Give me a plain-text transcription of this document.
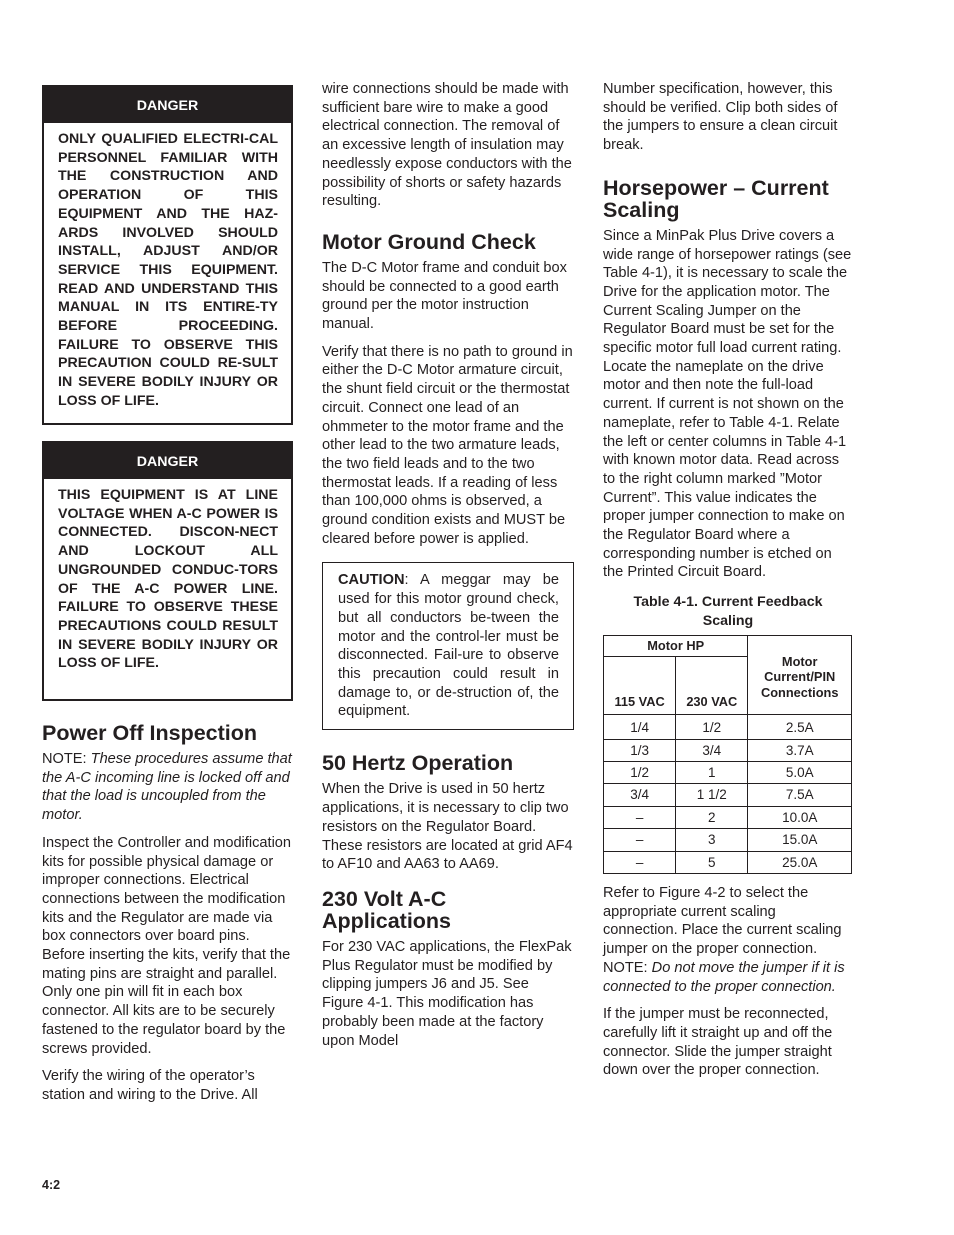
DANGER
ONLY QUALIFIED ELECTRI-CAL PERSONNEL FAMILIAR WITH THE CONSTRUCTION AND OPERATION OF THIS EQUIPMENT AND THE HAZ-ARDS INVOLVED SHOULD INSTALL, ADJUST AND/OR SERVICE THIS EQUIPMENT. READ AND UNDERSTAND THIS MANUAL IN ITS ENTIRE-TY BEFORE PROCEEDING. FAILURE TO OBSERVE THIS PRECAUTION COULD RE-SULT IN SEVERE BODILY INJURY OR LOSS OF LIFE.
DANGER
THIS EQUIPMENT IS AT LINE VOLTAGE WHEN A-C POWER IS CONNECTED. DISCON-NECT AND LOCKOUT ALL UNGROUNDED CONDUC-TORS OF THE A-C POWER LINE. FAILURE TO OBSERVE THESE PRECAUTIONS COULD RESULT IN SEVERE BODILY INJURY OR LOSS OF LIFE.
Power Off Inspection

NOTE: These procedures assume that the A-C incoming line is locked off and that the load is uncoupled from the motor.

Inspect the Controller and modification kits for possible physical damage or improper connections. Electrical connections between the modification kits and the Regulator are made via box connectors over board pins. Before inserting the kits, verify that the mating pins are straight and parallel. Only one pin will fit in each box connector. All kits are to be securely fastened to the regulator board by the screws provided.

Verify the wiring of the operator’s station and wiring to the Drive. All

wire connections should be made with sufficient bare wire to make a good electrical connection. The removal of an excessive length of insulation may needlessly expose conductors with the possibility of shorts or safety hazards resulting.

Motor Ground Check

The D-C Motor frame and conduit box should be connected to a good earth ground per the motor instruction manual.

Verify that there is no path to ground in either the D-C Motor armature circuit, the shunt field circuit or the thermostat circuit. Connect one lead of an ohmmeter to the motor frame and the other lead to the two armature leads, the two field leads and to the two thermostat leads. If a reading of less than 100,000 ohms is observed, a ground condition exists and MUST be cleared before power is applied.

CAUTION: A meggar may be used for this motor ground check, but all conductors be-tween the motor and the control-ler must be disconnected. Fail-ure to observe this precaution could result in damage to, or de-struction of, the equipment.
50 Hertz Operation

When the Drive is used in 50 hertz applications, it is necessary to clip two resistors on the Regulator Board. These resistors are located at grid AF4 to AF10 and AA63 to AA69.

230 Volt A-C Applications

For 230 VAC applications, the FlexPak Plus Regulator must be modified by clipping jumpers J6 and J5. See Figure 4-1. This modification has probably been made at the factory upon Model

Number specification, however, this should be verified. Clip both sides of the jumpers to ensure a clean circuit break.

Horsepower – Current Scaling

Since a MinPak Plus Drive covers a wide range of horsepower ratings (see Table 4-1), it is necessary to scale the Drive for the application motor. The Current Scaling Jumper on the Regulator Board must be set for the specific motor full load current rating. Locate the nameplate on the drive motor and then note the full-load current. If current is not shown on the nameplate, refer to Table 4-1. Relate the left or center columns in Table 4-1 with known motor data. Read across to the right column marked ”Motor Current”. This value indicates the proper jumper connection to make on the Regulator Board where a corresponding number is etched on the Printed Circuit Board.

Table 4-1. Current Feedback Scaling
Motor HP		Motor Current/PIN Connections
115 VAC	230 VAC	
1/4	1/2	2.5A
1/3	3/4	3.7A
1/2	1	5.0A
3/4	1 1/2	7.5A
–	2	10.0A
–	3	15.0A
–	5	25.0A

Refer to Figure 4-2 to select the appropriate current scaling connection. Place the current scaling jumper on the proper connection. NOTE: Do not move the jumper if it is connected to the proper connection.

If the jumper must be reconnected, carefully lift it straight up and off the connector. Slide the jumper straight down over the proper connection.

4:2
